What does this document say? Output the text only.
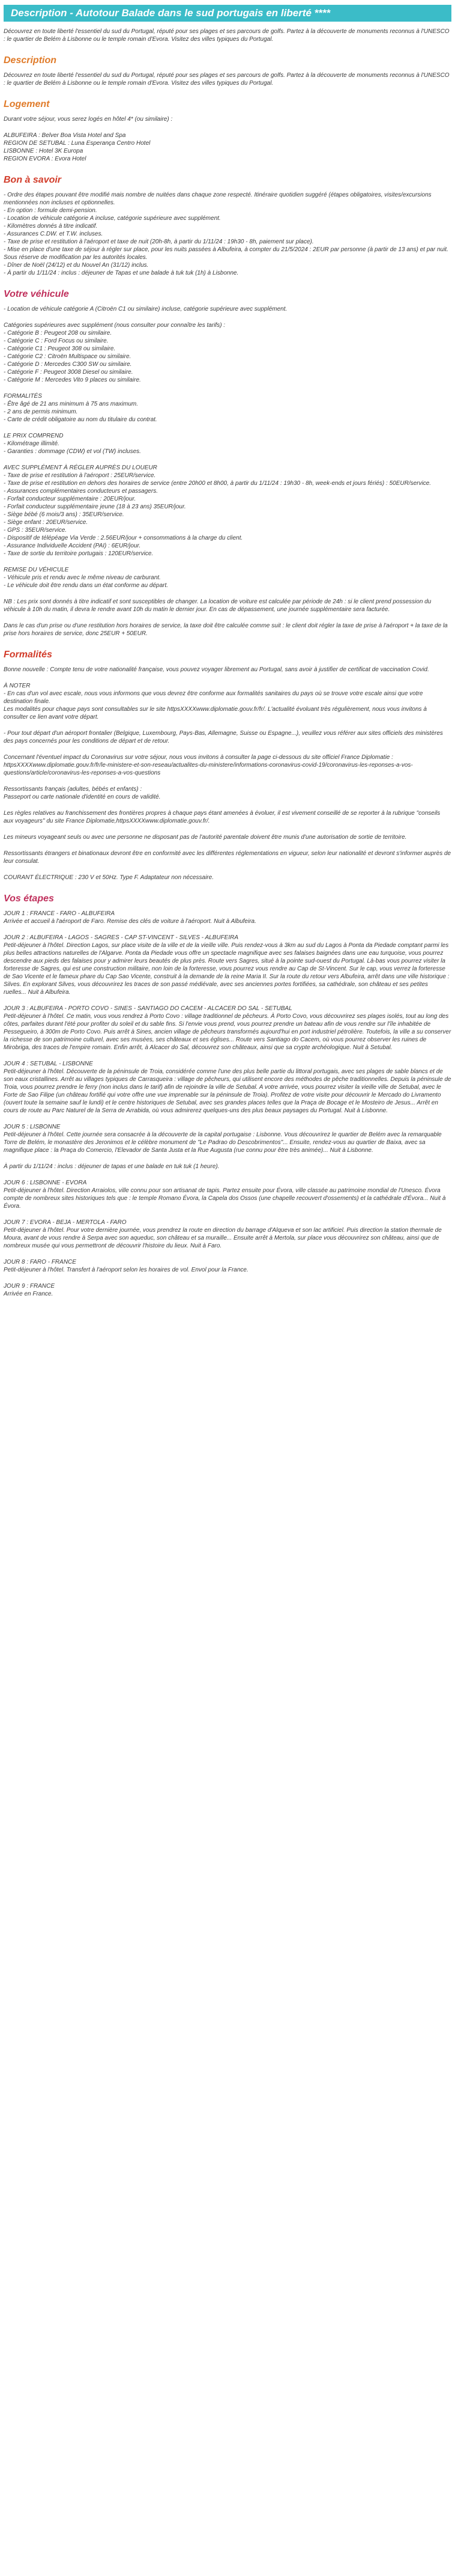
Description - Autotour Balade dans le sud portugais en liberté ****

Découvrez en toute liberté l'essentiel du sud du Portugal, réputé pour ses plages et ses parcours de golfs. Partez à la découverte de monuments reconnus à l'UNESCO : le quartier de Belém à Lisbonne ou le temple romain d'Evora. Visitez des villes typiques du Portugal.

Description

Découvrez en toute liberté l'essentiel du sud du Portugal, réputé pour ses plages et ses parcours de golfs. Partez à la découverte de monuments reconnus à l'UNESCO : le quartier de Belém à Lisbonne ou le temple romain d'Evora. Visitez des villes typiques du Portugal.

Logement

Durant votre séjour, vous serez logés en hôtel 4* (ou similaire) :

ALBUFEIRA : Belver Boa Vista Hotel and Spa
REGION DE SETUBAL : Luna Esperança Centro Hotel
LISBONNE : Hotel 3K Europa
REGION EVORA : Evora Hotel
Bon à savoir
- Ordre des étapes pouvant être modifié mais nombre de nuitées dans chaque zone respecté. Itinéraire quotidien suggéré (étapes obligatoires, visites/excursions mentionnées non incluses et optionnelles.
- En option : formule demi-pension.
- Location de véhicule catégorie A incluse, catégorie supérieure avec supplément.
- Kilomètres donnés à titre indicatif.
- Assurances C.DW. et T.W. incluses.
- Taxe de prise et restitution à l'aéroport et taxe de nuit (20h-8h, à partir du 1/11/24 : 19h30 - 8h, paiement sur place).
- Mise en place d'une taxe de séjour à régler sur place, pour les nuits passées à Albufeira, à compter du 21/5/2024 : 2EUR par personne (à partir de 13 ans) et par nuit. Sous réserve de modification par les autorités locales.
- Dîner de Noël (24/12) et du Nouvel An (31/12) inclus.
- À partir du 1/11/24 : inclus : déjeuner de Tapas et une balade à tuk tuk (1h) à Lisbonne.
Votre véhicule

- Location de véhicule catégorie A (Citroën C1 ou similaire) incluse, catégorie supérieure avec supplément.

Catégories supérieures avec supplément (nous consulter pour connaître les tarifs) :
- Catégorie B : Peugeot 208 ou similaire.
- Catégorie C : Ford Focus ou similaire.
- Catégorie C1 : Peugeot 308 ou similaire.
- Catégorie C2 : Citroën Multispace ou similaire.
- Catégorie D : Mercedes C300 SW ou similaire.
- Catégorie F : Peugeot 3008 Diesel ou similaire.
- Catégorie M : Mercedes Vito 9 places ou similaire.
FORMALITÉS
- Être âgé de 21 ans minimum à 75 ans maximum.
- 2 ans de permis minimum.
- Carte de crédit obligatoire au nom du titulaire du contrat.
LE PRIX COMPREND
- Kilométrage illimité.
- Garanties : dommage (CDW) et vol (TW) incluses.
AVEC SUPPLÉMENT À RÉGLER AUPRÈS DU LOUEUR
- Taxe de prise et restitution à l'aéroport : 25EUR/service.
- Taxe de prise et restitution en dehors des horaires de service (entre 20h00 et 8h00, à partir du 1/11/24 : 19h30 - 8h, week-ends et jours fériés) : 50EUR/service.
- Assurances complémentaires conducteurs et passagers.
- Forfait conducteur supplémentaire : 20EUR/jour.
- Forfait conducteur supplémentaire jeune (18 à 23 ans) 35EUR/jour.
- Siège bébé (6 mois/3 ans) : 35EUR/service.
- Siège enfant : 20EUR/service.
- GPS : 35EUR/service.
- Dispositif de télépéage Via Verde : 2.56EUR/jour + consommations à la charge du client.
- Assurance Individuelle Accident (PAI) : 6EUR/jour.
- Taxe de sortie du territoire portugais : 120EUR/service.
REMISE DU VÉHICULE
- Véhicule pris et rendu avec le même niveau de carburant.
- Le véhicule doit être rendu dans un état conforme au départ.

NB : Les prix sont donnés à titre indicatif et sont susceptibles de changer. La location de voiture est calculée par période de 24h : si le client prend possession du véhicule à 10h du matin, il devra le rendre avant 10h du matin le dernier jour. En cas de dépassement, une journée supplémentaire sera facturée.

Dans le cas d'un prise ou d'une restitution hors horaires de service, la taxe doit être calculée comme suit : le client doit régler la taxe de prise à l'aéroport + la taxe de la prise hors horaires de service, donc 25EUR + 50EUR.

Formalités

Bonne nouvelle : Compte tenu de votre nationalité française, vous pouvez voyager librement au Portugal, sans avoir à justifier de certificat de vaccination Covid.

À NOTER
- En cas d'un vol avec escale, nous vous informons que vous devrez être conforme aux formalités sanitaires du pays où se trouve votre escale ainsi que votre destination finale.

Les modalités pour chaque pays sont consultables sur le site httpsXXXXwww.diplomatie.gouv.fr/fr/. L'actualité évoluant très régulièrement, nous vous invitons à consulter ce lien avant votre départ.

- Pour tout départ d'un aéroport frontalier (Belgique, Luxembourg, Pays-Bas, Allemagne, Suisse ou Espagne...), veuillez vous référer aux sites officiels des ministères des pays concernés pour les conditions de départ et de retour.

Concernant l'éventuel impact du Coronavirus sur votre séjour, nous vous invitons à consulter la page ci-dessous du site officiel France Diplomatie :

httpsXXXXwww.diplomatie.gouv.fr/fr/le-ministere-et-son-reseau/actualites-du-ministere/informations-coronavirus-covid-19/coronavirus-les-reponses-a-vos-questions/article/coronavirus-les-reponses-a-vos-questions

Ressortissants français (adultes, bébés et enfants) :

Passeport ou carte nationale d'identité en cours de validité.

Les règles relatives au franchissement des frontières propres à chaque pays étant amenées à évoluer, il est vivement conseillé de se reporter à la rubrique "conseils aux voyageurs" du site France Diplomatie,httpsXXXXwww.diplomatie.gouv.fr/.

Les mineurs voyageant seuls ou avec une personne ne disposant pas de l'autorité parentale doivent être munis d'une autorisation de sortie de territoire.

Ressortissants étrangers et binationaux devront être en conformité avec les différentes réglementations en vigueur, selon leur nationalité et devront s'informer auprès de leur consulat.

COURANT ÉLECTRIQUE : 230 V et 50Hz. Type F. Adaptateur non nécessaire.

Vos étapes
JOUR 1 : FRANCE - FARO - ALBUFEIRA

Arrivée et accueil à l'aéroport de Faro. Remise des clés de voiture à l'aéroport. Nuit à Albufeira.

JOUR 2 : ALBUFEIRA - LAGOS - SAGRES - CAP ST-VINCENT - SILVES - ALBUFEIRA

Petit-déjeuner à l'hôtel. Direction Lagos, sur place visite de la ville et de la vieille ville. Puis rendez-vous à 3km au sud du Lagos à Ponta da Piedade comptant parmi les plus belles attractions naturelles de l'Algarve. Ponta da Piedade vous offre un spectacle magnifique avec ses falaises baignées dans une eau turquoise, vous pourrez descendre aux pieds des falaises pour y admirer leurs beautés de plus près. Route vers Sagres, situé à la pointe sud-ouest du Portugal. Là-bas vous pourrez visiter la forteresse de Sagres, qui est une construction militaire, non loin de la forteresse, vous pourrez vous rendre au Cap de St-Vincent. Sur le cap, vous verrez la forteresse de Sao Vicente et le fameux phare du Cap Sao Vicente, construit à la demande de la reine Maria II. Sur la route du retour vers Albufeira, arrêt dans une ville historique : Silves. En explorant Silves, vous découvrirez les traces de son passé médiévale, avec ses anciennes portes fortifiées, sa cathédrale, son château et ses petites ruelles... Nuit à Albufeira.

JOUR 3 : ALBUFEIRA - PORTO COVO - SINES - SANTIAGO DO CACEM - ALCACER DO SAL - SETUBAL

Petit-déjeuner à l'hôtel. Ce matin, vous vous rendrez à Porto Covo : village traditionnel de pêcheurs. À Porto Covo, vous découvrirez ses plages isolés, tout au long des côtes, parfaites durant l'été pour profiter du soleil et du sable fins. Si l'envie vous prend, vous pourrez prendre un bateau afin de vous rendre sur l'île inhabitée de Pessegueiro, à 300m de Porto Covo. Puis arrêt à Sines, ancien village de pêcheurs transformés aujourd'hui en port industriel pétrolière. Toutefois, la ville a su conserver la richesse de son patrimoine culturel, avec ses musées, ses châteaux et ses églises... Route vers Santiago do Cacem, où vous pourrez observer les ruines de Mirobriga, des traces de l'empire romain. Enfin arrêt, à Alcacer do Sal, découvrez son châteaux, ainsi que sa crypte archéologique. Nuit à Setubal.

JOUR 4 : SETUBAL - LISBONNE

Petit-déjeuner à l'hôtel. Découverte de la péninsule de Troia, considérée comme l'une des plus belle partie du littoral portugais, avec ses plages de sable blancs et de son eaux cristallines. Arrêt au villages typiques de Carrasqueira : village de pêcheurs, qui utilisent encore des méthodes de pêche traditionnelles. Depuis la péninsule de Troia, vous pourrez prendre le ferry (non inclus dans le tarif) afin de rejoindre la ville de Setubal. A votre arrivée, vous pourrez visiter la vieille ville de Setubal, avec le Forte de Sao Filipe (un château fortifié qui votre offre une vue imprenable sur la péninsule de Troia). Profitez de votre visite pour découvrir le Mercado do Livramento (ouvert toute la semaine sauf le lundi) et le centre historiques de Setubal, avec ses grandes places telles que la Praça de Bocage et le Mosteiro de Jesus... Arrêt en cours de route au Parc Naturel de la Serra de Arrabida, où vous admirerez quelques-uns des plus beaux paysages du Portugal. Nuit à Lisbonne.

JOUR 5 : LISBONNE

Petit-déjeuner à l'hôtel. Cette journée sera consacrée à la découverte de la capital portugaise : Lisbonne. Vous découvrirez le quartier de Belém avec la remarquable Torre de Belém, le monastère des Jeronimos et le célèbre monument de "Le Padrao do Descobrimentos"... Ensuite, rendez-vous au quartier de Baixa, avec sa magnifique place : la Praça do Comercio, l'Elevador de Santa Justa et la Rue Augusta (rue connu pour être très animée)... Nuit à Lisbonne.

À partir du 1/11/24 : inclus : déjeuner de tapas et une balade en tuk tuk (1 heure).

JOUR 6 : LISBONNE - EVORA

Petit-déjeuner à l'hôtel. Direction Arraiolos, ville connu pour son artisanat de tapis. Partez ensuite pour Évora, ville classée au patrimoine mondial de l'Unesco. Évora compte de nombreux sites historiques tels que : le temple Romano Évora, la Capela dos Ossos (une chapelle recouvert d'ossements) et la cathédrale d'Évora... Nuit à Évora.

JOUR 7 : EVORA - BEJA - MERTOLA - FARO

Petit-déjeuner à l'hôtel. Pour votre dernière journée, vous prendrez la route en direction du barrage d'Alqueva et son lac artificiel. Puis direction la station thermale de Moura, avant de vous rendre à Serpa avec son aqueduc, son château et sa muraille... Ensuite arrêt à Mertola, sur place vous découvrirez son château, ainsi que de nombreux musée qui vous permettront de découvrir l'histoire du lieux. Nuit à Faro.

JOUR 8 : FARO - FRANCE

Petit-déjeuner à l'hôtel. Transfert à l'aéroport selon les horaires de vol. Envol pour la France.

JOUR 9 : FRANCE

Arrivée en France.
